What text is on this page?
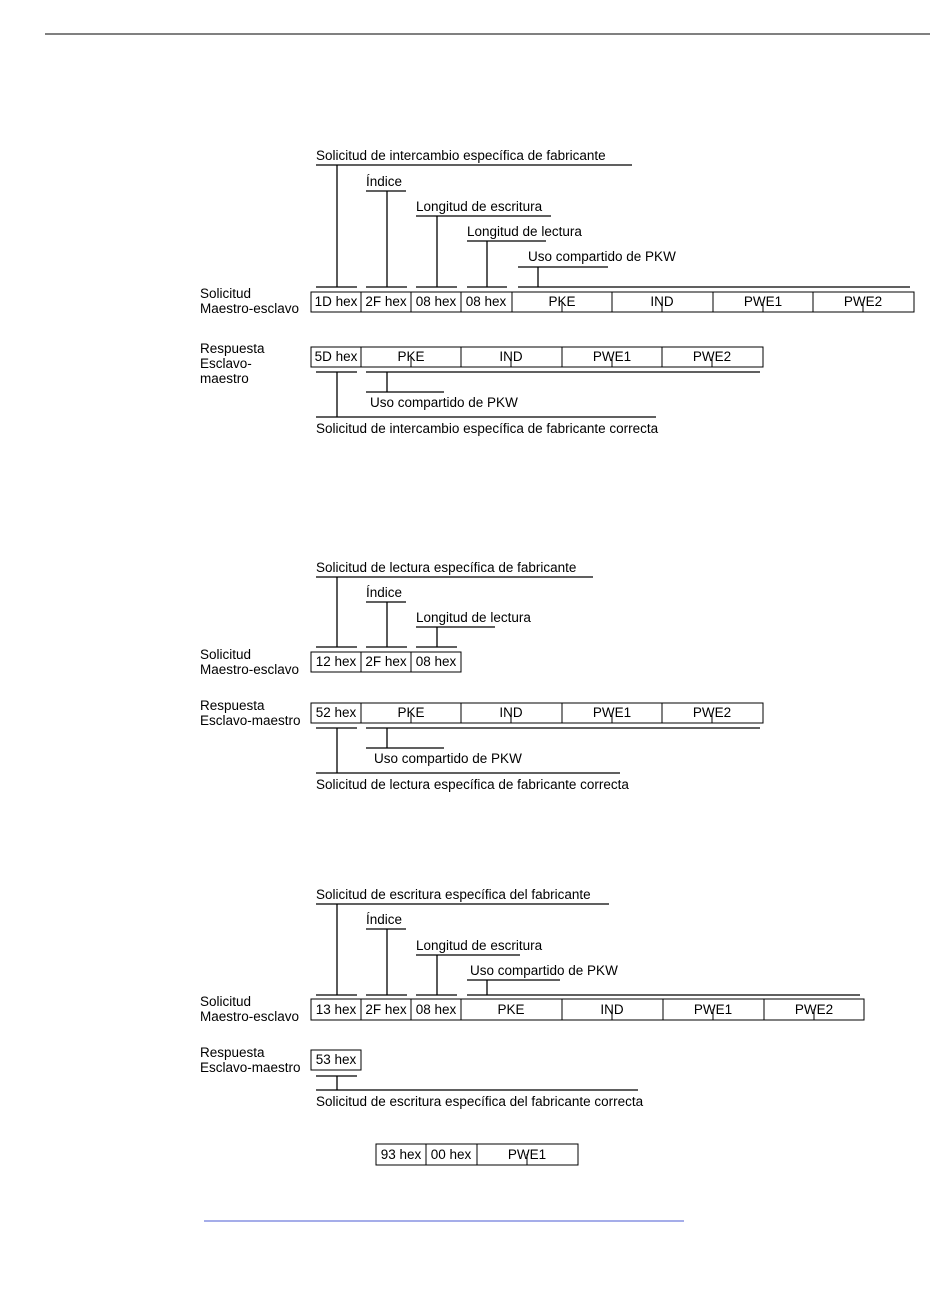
Solicitud de intercambio específica de fabricante
Índice
Longitud de escritura
Longitud de lectura
Uso compartido de PKW
Solicitud
Maestro-esclavo 1D hex 2F hex 08 hex 08 hex	PKE	IND	PWE1	PWE2
Respuesta
Esclavo-
maestro
5D hex	PKE	IND	PWE1	PWE2
Uso compartido de PKW
Solicitud de intercambio específica de fabricante correcta
Solicitud de lectura específica de fabricante
Índice
Longitud de lectura
Solicitud
Maestro-esclavo
12 hex 2F hex 08 hex
Respuesta
Esclavo-maestro
52 hex	PKE	IND	PWE1	PWE2
Uso compartido de PKW
Solicitud de lectura específica de fabricante correcta
Solicitud de escritura específica del fabricante
Índice
Longitud de escritura
Uso compartido de PKW
Solicitud
Maestro-esclavo 13 hex 2F hex 08 hex	PKE	IND	PWE1	PWE2
Respuesta
Esclavo-maestro
53 hex
Solicitud de escritura específica del fabricante correcta
93 hex 00 hex	PWE1
